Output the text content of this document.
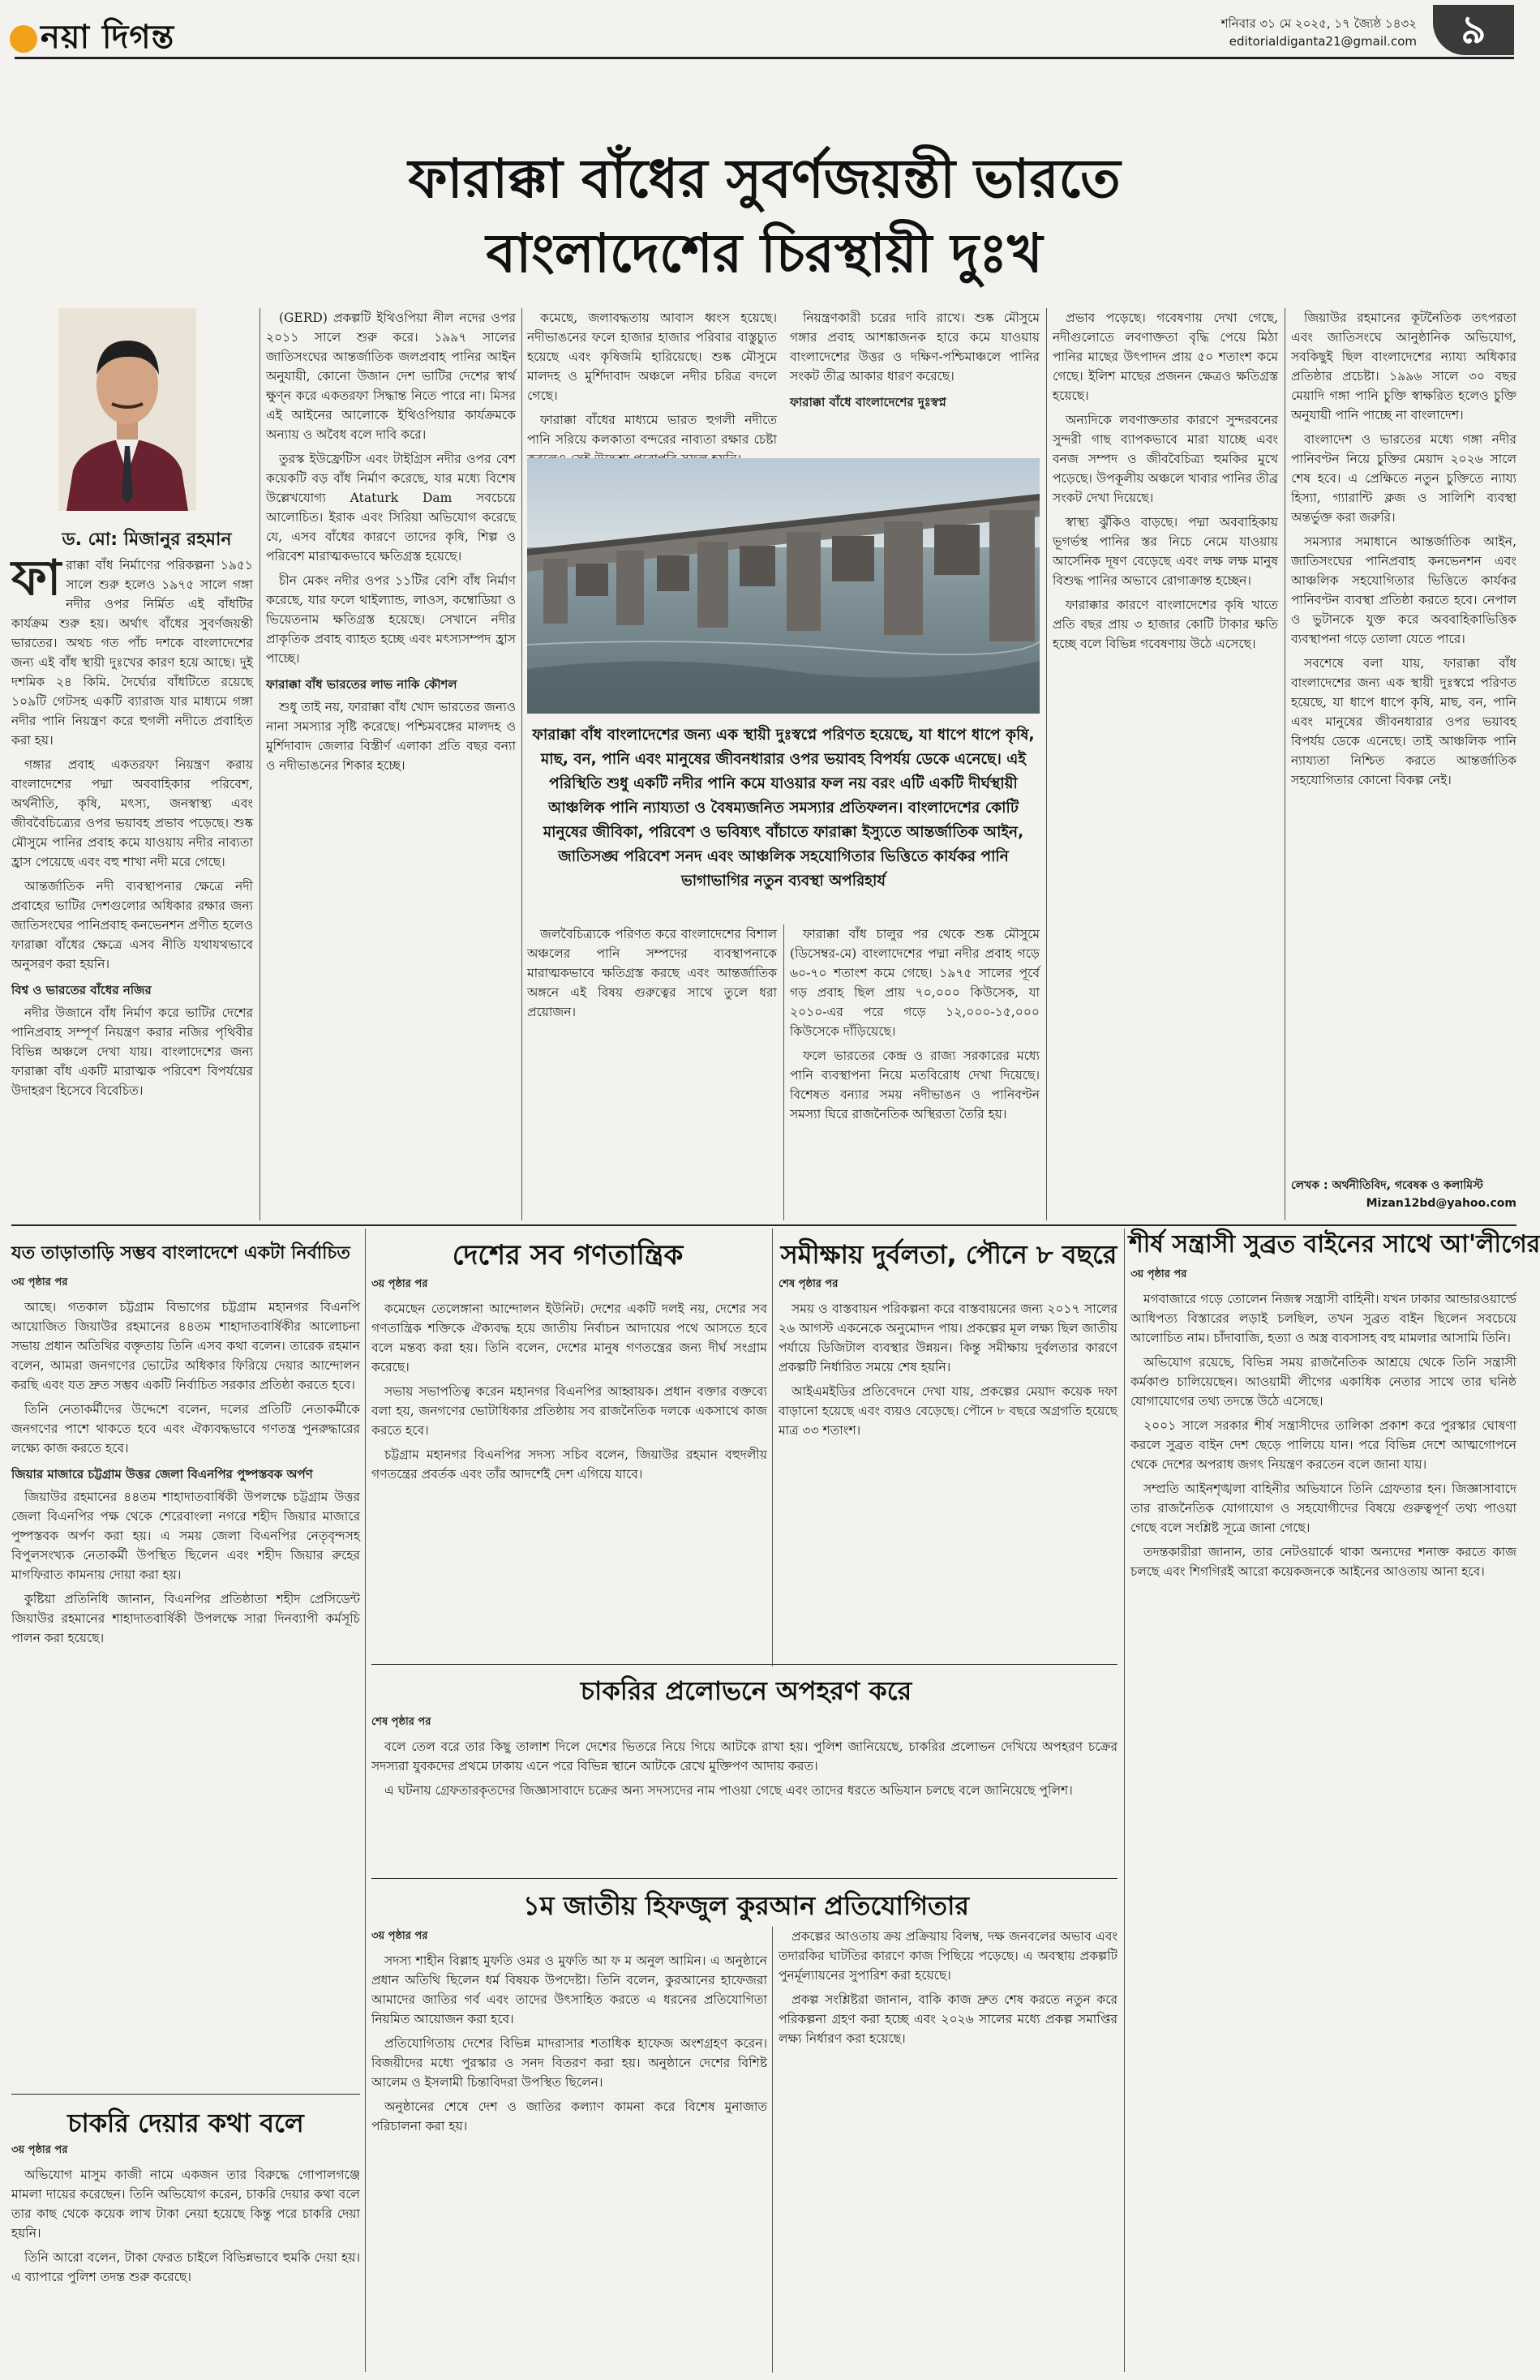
নয়া দিগন্ত	শনিবার ৩১ মে ২০২৫, ১৭ জ্যৈষ্ঠ ১৪৩২
editorialdiganta21@gmail.com	৯
ফারাক্কা বাঁধের সুবর্ণজয়ন্তী ভারতে
বাংলাদেশের চিরস্থায়ী দুঃখ
ড. মো: মিজানুর রহমান

ফারাক্কা বাঁধ নির্মাণের পরিকল্পনা ১৯৫১ সালে শুরু হলেও ১৯৭৫ সালে গঙ্গা নদীর ওপর নির্মিত এই বাঁধটির কার্যক্রম শুরু হয়। অর্থাৎ বাঁধের সুবর্ণজয়ন্তী ভারতের। অথচ গত পাঁচ দশকে বাংলাদেশের জন্য এই বাঁধ স্থায়ী দুঃখের কারণ হয়ে আছে। দুই দশমিক ২৪ কিমি. দৈর্ঘ্যের বাঁধটিতে রয়েছে ১০৯টি গেটসহ একটি ব্যারাজ যার মাধ্যমে গঙ্গা নদীর পানি নিয়ন্ত্রণ করে হুগলী নদীতে প্রবাহিত করা হয়।

গঙ্গার প্রবাহ একতরফা নিয়ন্ত্রণ করায় বাংলাদেশের পদ্মা অববাহিকার পরিবেশ, অর্থনীতি, কৃষি, মৎস্য, জনস্বাস্থ্য এবং জীববৈচিত্র্যের ওপর ভয়াবহ প্রভাব পড়েছে। শুষ্ক মৌসুমে পানির প্রবাহ কমে যাওয়ায় নদীর নাব্যতা হ্রাস পেয়েছে এবং বহু শাখা নদী মরে গেছে।

আন্তর্জাতিক নদী ব্যবস্থাপনার ক্ষেত্রে নদী প্রবাহের ভাটির দেশগুলোর অধিকার রক্ষার জন্য জাতিসংঘের পানিপ্রবাহ কনভেনশন প্রণীত হলেও ফারাক্কা বাঁধের ক্ষেত্রে এসব নীতি যথাযথভাবে অনুসরণ করা হয়নি।

বিশ্ব ও ভারতের বাঁধের নজির

নদীর উজানে বাঁধ নির্মাণ করে ভাটির দেশের পানিপ্রবাহ সম্পূর্ণ নিয়ন্ত্রণ করার নজির পৃথিবীর বিভিন্ন অঞ্চলে দেখা যায়। বাংলাদেশের জন্য ফারাক্কা বাঁধ একটি মারাত্মক পরিবেশ বিপর্যয়ের উদাহরণ হিসেবে বিবেচিত।

(GERD) প্রকল্পটি ইথিওপিয়া নীল নদের ওপর ২০১১ সালে শুরু করে। ১৯৯৭ সালের জাতিসংঘের আন্তর্জাতিক জলপ্রবাহ পানির আইন অনুযায়ী, কোনো উজান দেশ ভাটির দেশের স্বার্থ ক্ষুণ্ন করে একতরফা সিদ্ধান্ত নিতে পারে না। মিসর এই আইনের আলোকে ইথিওপিয়ার কার্যক্রমকে অন্যায় ও অবৈধ বলে দাবি করে।

তুরস্ক ইউফ্রেটিস এবং টাইগ্রিস নদীর ওপর বেশ কয়েকটি বড় বাঁধ নির্মাণ করেছে, যার মধ্যে বিশেষ উল্লেখযোগ্য Ataturk Dam সবচেয়ে আলোচিত। ইরাক এবং সিরিয়া অভিযোগ করেছে যে, এসব বাঁধের কারণে তাদের কৃষি, শিল্প ও পরিবেশ মারাত্মকভাবে ক্ষতিগ্রস্ত হয়েছে।

চীন মেকং নদীর ওপর ১১টির বেশি বাঁধ নির্মাণ করেছে, যার ফলে থাইল্যান্ড, লাওস, কম্বোডিয়া ও ভিয়েতনাম ক্ষতিগ্রস্ত হয়েছে। সেখানে নদীর প্রাকৃতিক প্রবাহ ব্যাহত হচ্ছে এবং মৎস্যসম্পদ হ্রাস পাচ্ছে।

ফারাক্কা বাঁধ ভারতের লাভ নাকি কৌশল

শুধু তাই নয়, ফারাক্কা বাঁধ খোদ ভারতের জন্যও নানা সমস্যার সৃষ্টি করেছে। পশ্চিমবঙ্গের মালদহ ও মুর্শিদাবাদ জেলার বিস্তীর্ণ এলাকা প্রতি বছর বন্যা ও নদীভাঙনের শিকার হচ্ছে।

কমেছে, জলাবদ্ধতায় আবাস ধ্বংস হয়েছে। নদীভাঙনের ফলে হাজার হাজার পরিবার বাস্তুচ্যুত হয়েছে এবং কৃষিজমি হারিয়েছে। শুষ্ক মৌসুমে মালদহ ও মুর্শিদাবাদ অঞ্চলে নদীর চরিত্র বদলে গেছে।

ফারাক্কা বাঁধের মাধ্যমে ভারত হুগলী নদীতে পানি সরিয়ে কলকাতা বন্দরের নাব্যতা রক্ষার চেষ্টা

জলবৈচিত্র্যকে পরিণত করে বাংলাদেশের বিশাল অঞ্চলের পানি সম্পদের ব্যবস্থাপনাকে মারাত্মকভাবে ক্ষতিগ্রস্ত করছে এবং আন্তর্জাতিক অঙ্গনে এই বিষয় গুরুত্বের সাথে তুলে ধরা প্রয়োজন।

নিয়ন্ত্রণকারী চরের দাবি রাখে। শুষ্ক মৌসুমে গঙ্গার প্রবাহ আশঙ্কাজনক হারে কমে যাওয়ায় বাংলাদেশের উত্তর ও দক্ষিণ-পশ্চিমাঞ্চলে পানির সংকট তীব্র আকার ধারণ করেছে।

ফারাক্কা বাঁধে বাংলাদেশের দুঃস্বপ্ন

ফারাক্কা বাঁধ চালুর পর থেকে শুষ্ক মৌসুমে (ডিসেম্বর-মে) বাংলাদেশের পদ্মা নদীর প্রবাহ গড়ে ৬০-৭০ শতাংশ কমে গেছে। ১৯৭৫ সালের পূর্বে গড় প্রবাহ ছিল প্রায় ৭০,০০০ কিউসেক, যা ২০১০-এর পরে গড়ে ১২,০০০-১৫,০০০ কিউসেকে দাঁড়িয়েছে।

ফলে ভারতের কেন্দ্র ও রাজ্য সরকারের মধ্যে পানি ব্যবস্থাপনা নিয়ে মতবিরোধ দেখা দিয়েছে। বিশেষত বন্যার সময় নদীভাঙন ও পানিবণ্টন সমস্যা ঘিরে রাজনৈতিক অস্থিরতা তৈরি হয়।

ফারাক্কা বাঁধ বাংলাদেশের জন্য এক স্থায়ী দুঃস্বপ্নে পরিণত হয়েছে, যা ধাপে ধাপে কৃষি, মাছ, বন, পানি এবং মানুষের জীবনধারার ওপর ভয়াবহ বিপর্যয় ডেকে এনেছে। এই পরিস্থিতি শুধু একটি নদীর পানি কমে যাওয়ার ফল নয় বরং এটি একটি দীর্ঘস্থায়ী আঞ্চলিক পানি ন্যায্যতা ও বৈষম্যজনিত সমস্যার প্রতিফলন। বাংলাদেশের কোটি মানুষের জীবিকা, পরিবেশ ও ভবিষ্যৎ বাঁচাতে ফারাক্কা ইস্যুতে আন্তর্জাতিক আইন, জাতিসঙ্ঘ পরিবেশ সনদ এবং আঞ্চলিক সহযোগিতার ভিত্তিতে কার্যকর পানি ভাগাভাগির নতুন ব্যবস্থা অপরিহার্য

প্রভাব পড়েছে। গবেষণায় দেখা গেছে, নদীগুলোতে লবণাক্ততা বৃদ্ধি পেয়ে মিঠা পানির মাছের উৎপাদন প্রায় ৫০ শতাংশ কমে গেছে। ইলিশ মাছের প্রজনন ক্ষেত্রও ক্ষতিগ্রস্ত হয়েছে।

অন্যদিকে লবণাক্ততার কারণে সুন্দরবনের সুন্দরী গাছ ব্যাপকভাবে মারা যাচ্ছে এবং বনজ সম্পদ ও জীববৈচিত্র্য হুমকির মুখে পড়েছে। উপকূলীয় অঞ্চলে খাবার পানির তীব্র সংকট দেখা দিয়েছে।

স্বাস্থ্য ঝুঁকিও বাড়ছে। পদ্মা অববাহিকায় ভূগর্ভস্থ পানির স্তর নিচে নেমে যাওয়ায় আর্সেনিক দূষণ বেড়েছে এবং লক্ষ লক্ষ মানুষ বিশুদ্ধ পানির অভাবে রোগাক্রান্ত হচ্ছেন।

ফারাক্কার কারণে বাংলাদেশের কৃষি খাতে প্রতি বছর প্রায় ৩ হাজার কোটি টাকার ক্ষতি হচ্ছে বলে বিভিন্ন গবেষণায় উঠে এসেছে।

জিয়াউর রহমানের কূটনৈতিক তৎপরতা এবং জাতিসংঘে আনুষ্ঠানিক অভিযোগ, সবকিছুই ছিল বাংলাদেশের ন্যায্য অধিকার প্রতিষ্ঠার প্রচেষ্টা। ১৯৯৬ সালে ৩০ বছর মেয়াদি গঙ্গা পানি চুক্তি স্বাক্ষরিত হলেও চুক্তি অনুযায়ী পানি পাচ্ছে না বাংলাদেশ।

বাংলাদেশ ও ভারতের মধ্যে গঙ্গা নদীর পানিবণ্টন নিয়ে চুক্তির মেয়াদ ২০২৬ সালে শেষ হবে। এ প্রেক্ষিতে নতুন চুক্তিতে ন্যায্য হিস্যা, গ্যারান্টি ক্লজ ও সালিশি ব্যবস্থা অন্তর্ভুক্ত করা জরুরি।

সমস্যার সমাধানে আন্তর্জাতিক আইন, জাতিসংঘের পানিপ্রবাহ কনভেনশন এবং আঞ্চলিক সহযোগিতার ভিত্তিতে কার্যকর পানিবণ্টন ব্যবস্থা প্রতিষ্ঠা করতে হবে। নেপাল ও ভুটানকে যুক্ত করে অববাহিকাভিত্তিক ব্যবস্থাপনা গড়ে তোলা যেতে পারে।

সবশেষে বলা যায়, ফারাক্কা বাঁধ বাংলাদেশের জন্য এক স্থায়ী দুঃস্বপ্নে পরিণত হয়েছে, যা ধাপে ধাপে কৃষি, মাছ, বন, পানি এবং মানুষের জীবনধারার ওপর ভয়াবহ বিপর্যয় ডেকে এনেছে। তাই আঞ্চলিক পানি ন্যায্যতা নিশ্চিত করতে আন্তর্জাতিক সহযোগিতার কোনো বিকল্প নেই।

লেখক : অর্থনীতিবিদ, গবেষক ও কলামিস্ট
Mizan12bd@yahoo.com
যত তাড়াতাড়ি সম্ভব বাংলাদেশে একটা নির্বাচিত

৩য় পৃষ্ঠার পর

আছে। গতকাল চট্টগ্রাম বিভাগের চট্টগ্রাম মহানগর বিএনপি আয়োজিত জিয়াউর রহমানের ৪৪তম শাহাদাতবার্ষিকীর আলোচনা সভায় প্রধান অতিথির বক্তৃতায় তিনি এসব কথা বলেন। তারেক রহমান বলেন, আমরা জনগণের ভোটের অধিকার ফিরিয়ে দেয়ার আন্দোলন করছি এবং যত দ্রুত সম্ভব একটি নির্বাচিত সরকার প্রতিষ্ঠা করতে হবে।

তিনি নেতাকর্মীদের উদ্দেশে বলেন, দলের প্রতিটি নেতাকর্মীকে জনগণের পাশে থাকতে হবে এবং ঐক্যবদ্ধভাবে গণতন্ত্র পুনরুদ্ধারের লক্ষ্যে কাজ করতে হবে।

জিয়ার মাজারে চট্টগ্রাম উত্তর জেলা বিএনপির পুষ্পস্তবক অর্পণ

জিয়াউর রহমানের ৪৪তম শাহাদাতবার্ষিকী উপলক্ষে চট্টগ্রাম উত্তর জেলা বিএনপির পক্ষ থেকে শেরেবাংলা নগরে শহীদ জিয়ার মাজারে পুষ্পস্তবক অর্পণ করা হয়। এ সময় জেলা বিএনপির নেতৃবৃন্দসহ বিপুলসংখ্যক নেতাকর্মী উপস্থিত ছিলেন এবং শহীদ জিয়ার রুহের মাগফিরাত কামনায় দোয়া করা হয়।

কুষ্টিয়া প্রতিনিধি জানান, বিএনপির প্রতিষ্ঠাতা শহীদ প্রেসিডেন্ট জিয়াউর রহমানের শাহাদাতবার্ষিকী উপলক্ষে সারা দিনব্যাপী কর্মসূচি পালন করা হয়েছে।

চাকরি দেয়ার কথা বলে

৩য় পৃষ্ঠার পর

অভিযোগ মাসুম কাজী নামে একজন তার বিরুদ্ধে গোপালগঞ্জে মামলা দায়ের করেছেন। তিনি অভিযোগ করেন, চাকরি দেয়ার কথা বলে তার কাছ থেকে কয়েক লাখ টাকা নেয়া হয়েছে কিন্তু পরে চাকরি দেয়া হয়নি।

তিনি আরো বলেন, টাকা ফেরত চাইলে বিভিন্নভাবে হুমকি দেয়া হয়। এ ব্যাপারে পুলিশ তদন্ত শুরু করেছে।

দেশের সব গণতান্ত্রিক

৩য় পৃষ্ঠার পর

কমেছেন তেলেঙ্গানা আন্দোলন ইউনিট। দেশের একটি দলই নয়, দেশের সব গণতান্ত্রিক শক্তিকে ঐক্যবদ্ধ হয়ে জাতীয় নির্বাচন আদায়ের পথে আসতে হবে বলে মন্তব্য করা হয়। তিনি বলেন, দেশের মানুষ গণতন্ত্রের জন্য দীর্ঘ সংগ্রাম করেছে।

সভায় সভাপতিত্ব করেন মহানগর বিএনপির আহ্বায়ক। প্রধান বক্তার বক্তব্যে বলা হয়, জনগণের ভোটাধিকার প্রতিষ্ঠায় সব রাজনৈতিক দলকে একসাথে কাজ করতে হবে।

চট্টগ্রাম মহানগর বিএনপির সদস্য সচিব বলেন, জিয়াউর রহমান বহুদলীয় গণতন্ত্রের প্রবর্তক এবং তাঁর আদর্শেই দেশ এগিয়ে যাবে।

চাকরির প্রলোভনে অপহরণ করে

শেষ পৃষ্ঠার পর

বলে তেল বরে তার কিছু তালাশ দিলে দেশের ভিতরে নিয়ে গিয়ে আটকে রাখা হয়। পুলিশ জানিয়েছে, চাকরির প্রলোভন দেখিয়ে অপহরণ চক্রের সদস্যরা যুবকদের প্রথমে ঢাকায় এনে পরে বিভিন্ন স্থানে আটকে রেখে মুক্তিপণ আদায় করত।

এ ঘটনায় গ্রেফতারকৃতদের জিজ্ঞাসাবাদে চক্রের অন্য সদস্যদের নাম পাওয়া গেছে এবং তাদের ধরতে অভিযান চলছে বলে জানিয়েছে পুলিশ।

১ম জাতীয় হিফজুল কুরআন প্রতিযোগিতার

৩য় পৃষ্ঠার পর

সদস্য শাহীন বিল্লাহ মুফতি ওমর ও মুফতি আ ফ ম অনুল আমিন। এ অনুষ্ঠানে প্রধান অতিথি ছিলেন ধর্ম বিষয়ক উপদেষ্টা। তিনি বলেন, কুরআনের হাফেজরা আমাদের জাতির গর্ব এবং তাদের উৎসাহিত করতে এ ধরনের প্রতিযোগিতা নিয়মিত আয়োজন করা হবে।

প্রতিযোগিতায় দেশের বিভিন্ন মাদরাসার শতাধিক হাফেজ অংশগ্রহণ করেন। বিজয়ীদের মধ্যে পুরস্কার ও সনদ বিতরণ করা হয়। অনুষ্ঠানে দেশের বিশিষ্ট আলেম ও ইসলামী চিন্তাবিদরা উপস্থিত ছিলেন।

অনুষ্ঠানের শেষে দেশ ও জাতির কল্যাণ কামনা করে বিশেষ মুনাজাত পরিচালনা করা হয়।

সমীক্ষায় দুর্বলতা, পৌনে ৮ বছরে

শেষ পৃষ্ঠার পর

সময় ও বাস্তবায়ন পরিকল্পনা করে বাস্তবায়নের জন্য ২০১৭ সালের ২৬ আগস্ট একনেকে অনুমোদন পায়। প্রকল্পের মূল লক্ষ্য ছিল জাতীয় পর্যায়ে ডিজিটাল ব্যবস্থার উন্নয়ন। কিন্তু সমীক্ষায় দুর্বলতার কারণে প্রকল্পটি নির্ধারিত সময়ে শেষ হয়নি।

আইএমইডির প্রতিবেদনে দেখা যায়, প্রকল্পের মেয়াদ কয়েক দফা বাড়ানো হয়েছে এবং ব্যয়ও বেড়েছে। পৌনে ৮ বছরে অগ্রগতি হয়েছে মাত্র ৩৩ শতাংশ।

প্রকল্পের আওতায় ক্রয় প্রক্রিয়ায় বিলম্ব, দক্ষ জনবলের অভাব এবং তদারকির ঘাটতির কারণে কাজ পিছিয়ে পড়েছে। এ অবস্থায় প্রকল্পটি পুনর্মূল্যায়নের সুপারিশ করা হয়েছে।

প্রকল্প সংশ্লিষ্টরা জানান, বাকি কাজ দ্রুত শেষ করতে নতুন করে পরিকল্পনা গ্রহণ করা হচ্ছে এবং ২০২৬ সালের মধ্যে প্রকল্প সমাপ্তির লক্ষ্য নির্ধারণ করা হয়েছে।

শীর্ষ সন্ত্রাসী সুব্রত বাইনের সাথে আ'লীগের

৩য় পৃষ্ঠার পর

মগবাজারে গড়ে তোলেন নিজস্ব সন্ত্রাসী বাহিনী। যখন ঢাকার আন্ডারওয়ার্ল্ডে আধিপত্য বিস্তারের লড়াই চলছিল, তখন সুব্রত বাইন ছিলেন সবচেয়ে আলোচিত নাম। চাঁদাবাজি, হত্যা ও অস্ত্র ব্যবসাসহ বহু মামলার আসামি তিনি।

অভিযোগ রয়েছে, বিভিন্ন সময় রাজনৈতিক আশ্রয়ে থেকে তিনি সন্ত্রাসী কর্মকাণ্ড চালিয়েছেন। আওয়ামী লীগের একাধিক নেতার সাথে তার ঘনিষ্ঠ যোগাযোগের তথ্য তদন্তে উঠে এসেছে।

২০০১ সালে সরকার শীর্ষ সন্ত্রাসীদের তালিকা প্রকাশ করে পুরস্কার ঘোষণা করলে সুব্রত বাইন দেশ ছেড়ে পালিয়ে যান। পরে বিভিন্ন দেশে আত্মগোপনে থেকে দেশের অপরাধ জগৎ নিয়ন্ত্রণ করতেন বলে জানা যায়।

সম্প্রতি আইনশৃঙ্খলা বাহিনীর অভিযানে তিনি গ্রেফতার হন। জিজ্ঞাসাবাদে তার রাজনৈতিক যোগাযোগ ও সহযোগীদের বিষয়ে গুরুত্বপূর্ণ তথ্য পাওয়া গেছে বলে সংশ্লিষ্ট সূত্রে জানা গেছে।

তদন্তকারীরা জানান, তার নেটওয়ার্কে থাকা অন্যদের শনাক্ত করতে কাজ চলছে এবং শিগগিরই আরো কয়েকজনকে আইনের আওতায় আনা হবে।
